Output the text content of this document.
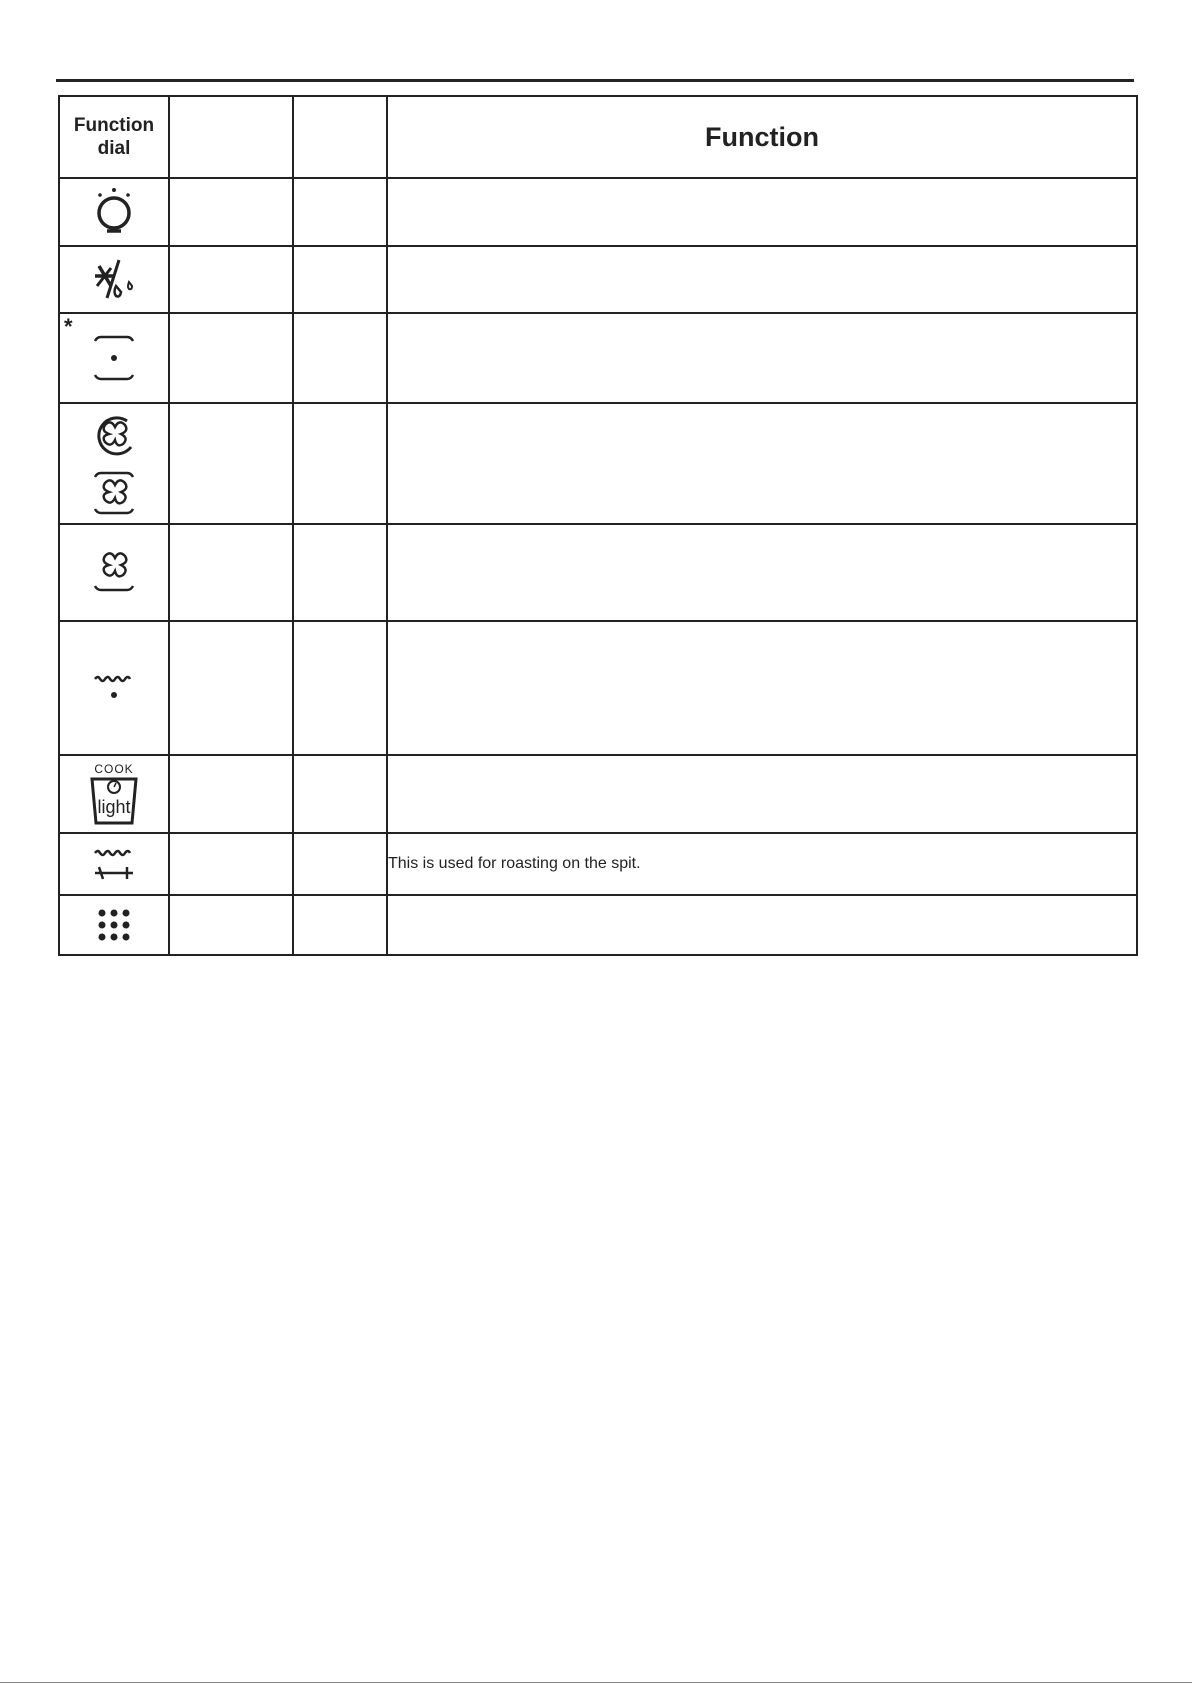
Function dial			Function

*			

COOK
light			

			This is used for roasting on the spit.
